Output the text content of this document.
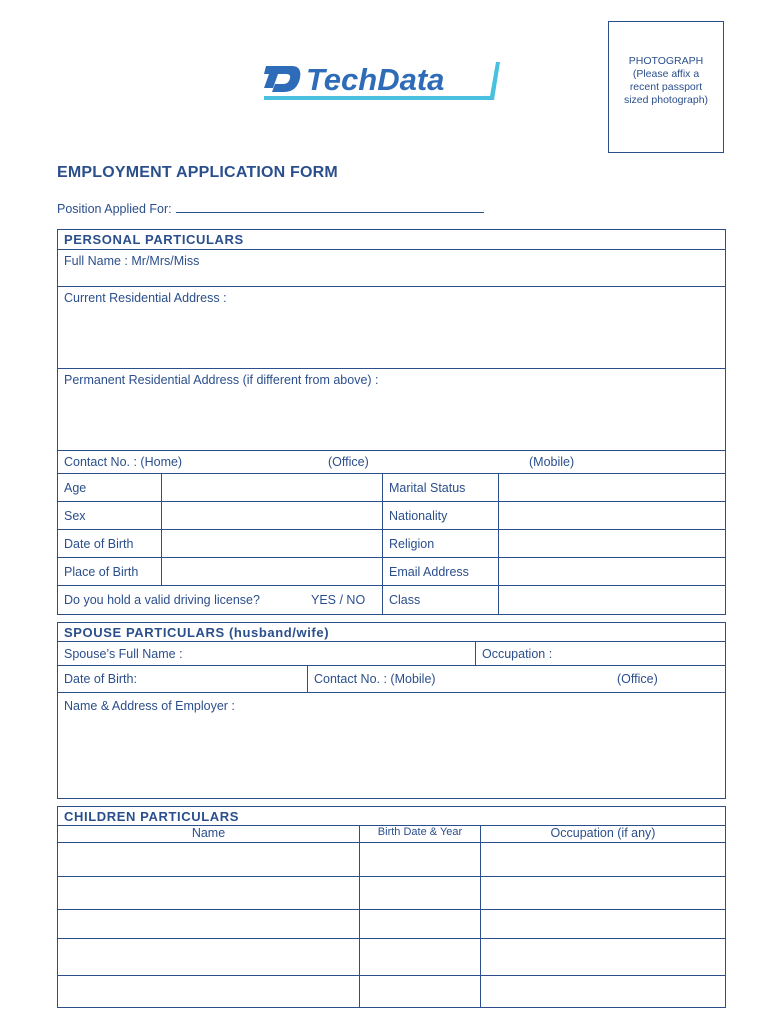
TechData
PHOTOGRAPH
(Please affix a
recent passport
sized photograph)
EMPLOYMENT APPLICATION FORM
Position Applied For:
PERSONAL PARTICULARS			
Full Name : Mr/Mrs/Miss			
Current Residential Address :			
Permanent Residential Address (if different from above) :			
Contact No. : (Home) (Office) (Mobile)			
Age		Marital Status	
Sex		Nationality	
Date of Birth		Religion	
Place of Birth		Email Address	
Do you hold a valid driving license? YES / NO		Class	
SPOUSE PARTICULARS (husband/wife)		
Spouse’s Full Name :		Occupation :
Date of Birth:	Contact No. : (Mobile) (Office)	
Name & Address of Employer :		
CHILDREN PARTICULARS		
Name	Birth Date & Year	Occupation (if any)
